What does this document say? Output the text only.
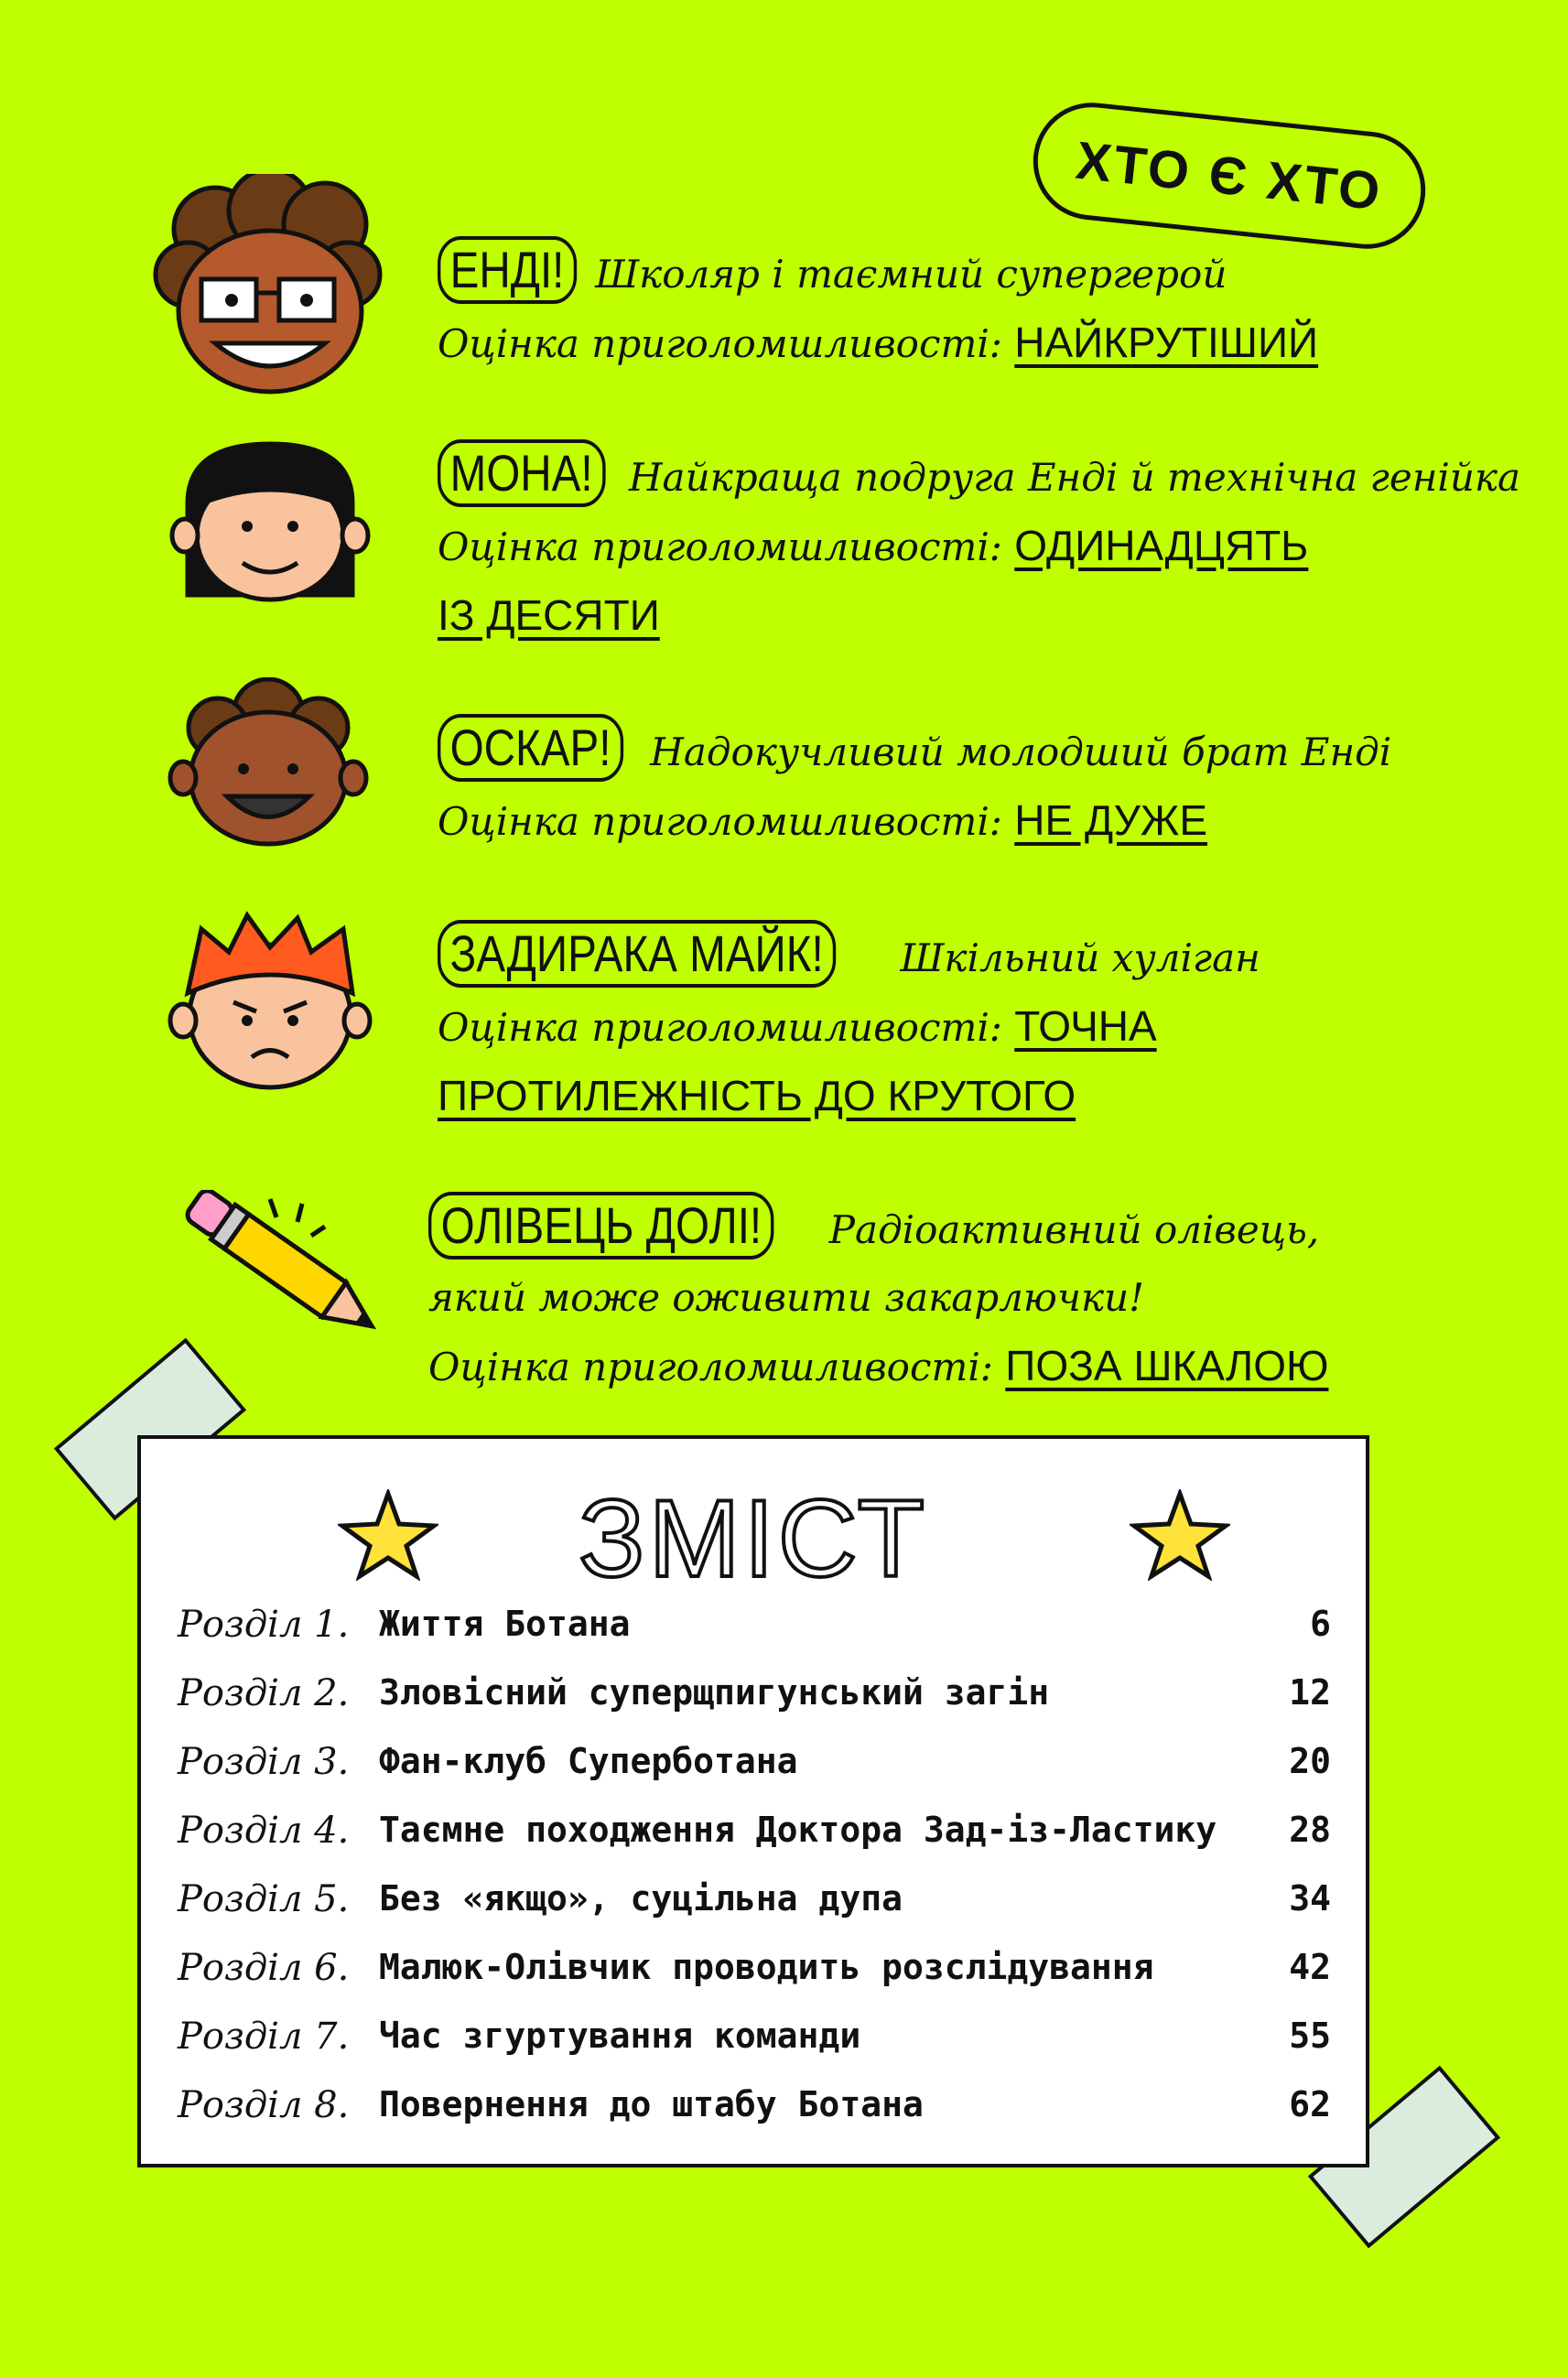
ХТО Є ХТО
ЕНДІ! Школяр і таємний супергерой
Оцінка приголомшливості: НАЙКРУТІШИЙ
МОНА! Найкраща подруга Енді й технічна генійка
Оцінка приголомшливості: ОДИНАДЦЯТЬ
ІЗ ДЕСЯТИ
ОСКАР! Надокучливий молодший брат Енді
Оцінка приголомшливості: НЕ ДУЖЕ
ЗАДИРАКА МАЙК! Шкільний хуліган
Оцінка приголомшливості: ТОЧНА
ПРОТИЛЕЖНІСТЬ ДО КРУТОГО
ОЛІВЕЦЬ ДОЛІ! Радіоактивний олівець,
який може оживити закарлючки!
Оцінка приголомшливості: ПОЗА ШКАЛОЮ
ЗМІСТ
Розділ 1. Життя Ботана	6
Розділ 2. Зловісний суперщпигунський загін	12
Розділ 3. Фан-клуб Суперботана	20
Розділ 4. Таємне походження Доктора Зад-із-Ластику 28
Розділ 5. Без «якщо», суцільна дупа	34
Розділ 6. Малюк-Олівчик проводить розслідування	42
Розділ 7. Час згуртування команди	55
Розділ 8. Повернення до штабу Ботана	62
